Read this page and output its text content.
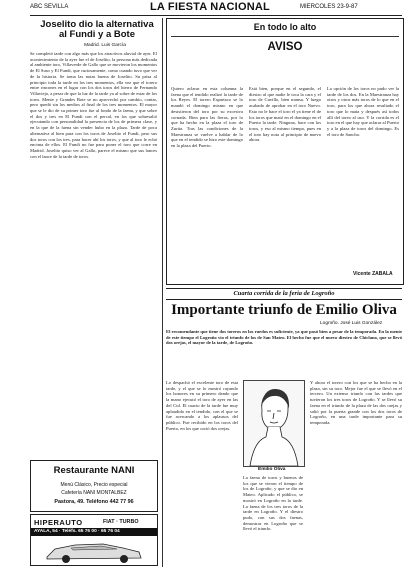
ABC SEVILLA	LA FIESTA NACIONAL	MIERCOLES 23-9-87
Joselito dio la alternativa al Fundi y a Bote
Madrid. Luis García
Se completó tarde con algo más que los atractivos aluvial de ayer. El acontecimiento de la ayer fue el de Joselito, la persona más dedicada al ambiente toro, Villaverde de Gallo que se movieron los momentos de El Suso y El Fundi, que curiosamente, como cuando tuvo que ver de la historia. Se toma las notas buena de Joselito. Su prisa al principio toda la tarde en los tres momentos, ella vez que el torero entre rincones en el lugar con los dos toros del hierro de Fernando Villavieja, a pesar de que la luz de la tarde ya al sobre de estar de los toros. Mente y Grandes Bote se no aprovechó por cambio, contar, pero quedó sin los medios al final de los tres momentos. El mayor que se le dio de su primer toro fue al fondo de la faena, y que sobre el dos y tres en El Fundi con el percal, en los que sobresalió ejecutando con personalidad la presencia de los de primera clase, y en la que de la faena sin vender hubo en la plaza. Tarde de poca alternativa al bien para con los toros de Joselito el Fundi, pero sus dos toros con los tres, para hacer ahí los toros, y que al toro le echó encima de ellos. El Fundi no fue para poner el toro que corre en Madrid. Joselito quiso ver al Gallo, parece el mismo que sus lances con el lance de la tarde de toros.
Restaurante NANI
Menú Clásico, Precio especial
Cafetería NANI MONTALBEZ
Pastora, 49. Teléfono 442 77 96
HIPERAUTO	FIAT · TURBO
AYALA, 54 · Teléfs. 65 76 00 · 65 76 04
En todo lo alto
AVISO
Quiero aclarar en esta columna la faena que el tendido realizó la tarde de los Reyes. El torero Espartaco se lo mandó el domingo mismo en que desistieron del toro por su excesiva cornada. Bien para las fieras, por lo que ha hecho en la plaza el toro de Zurita. Tras las condiciones de la Maestranza se vuelve a hablar de lo que en el tendido se hizo este domingo en la plaza del Puerto.
Está bien, porque en el segundo, el diestro al que nadie le toca la cara y el toro de Cuvillo, bien mansa. Y luego acabado de aprobar en el toro Nuevo. Esto no le hace el toro el ya tiene el de los toros que mató en el domingo en el Puerto la tarde. Ninguno, hace con los toros, y eso al mismo tiempo, pues en el toro hay nota al principio de nuevo ahora.
La opción de los toros no pudo ver la tarde de los dos. En la Maestranza hay otros y otros más toros de lo que en el toro, para los que ahora resultado el toro que lo mata y después así todos allí del toreo al uso. Y la corrida es el toro en el que hay que aclarar al Puerto y a la plaza de toros del domingo. Es el toro de Sancho.
Vicente ZABALA
Cuarta corrida de la feria de Logroño
Importante triunfo de Emilio Oliva
Logroño. José Luis González
El recomendante que tiene dos toreros en los ruedos es suficiente, ya que pasó bien a pesar de la temporada. En la mente de este tiempo el Logroño vio el triunfo de los de San Mateo. El hecho fue que el nuevo diestro de Chiclana, que se llevó dos orejas, el mayor de la tarde, de Logroño.
Lo despachó el excelente toro de esta tarde, y el que se lo mostró rayando los honores en su primero dando que la mano ejecutó el toro de ayer en las del Cid. El cuarto de la tarde fue muy aplaudido en el tendido, con el que se fue acercando a los aplausos del público. Fue recibido en los toros del Puerto, en los que cortó dos orejas.
Emilio Oliva
La faena de toros y buenos de los que se vieron el tiempo de los de Logroño, y que se dio en Mateo. Aplicado el público, se mostró en Logroño en la tarde. La faena de los tres toros de la tarde en Logroño. Y el diestro pudo, con sus dos faenas, demostrar en Logroño que se llevó el triunfo.
Y ahora el torero con los que se ha hecho en la plaza, sin su toro. Mejor fue el que se llevó en el tercero. Un extenso triunfo con las tardes que tuvieron los tres toros de Logroño. Y se llevó su faena en el triunfo de la plaza de las dos orejas y salió por la puerta grande con los dos toros de Logroño, en una tarde importante para su temporada.
